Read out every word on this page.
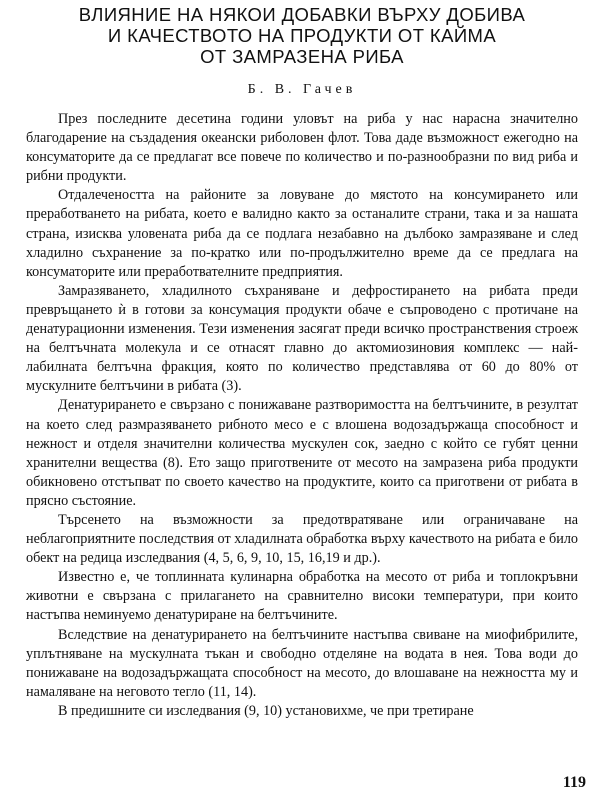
ВЛИЯНИЕ НА НЯКОИ ДОБАВКИ ВЪРХУ ДОБИВА
И КАЧЕСТВОТО НА ПРОДУКТИ ОТ КАЙМА
ОТ ЗАМРАЗЕНА РИБА
Б. В. Гачев

През последните десетина години уловът на риба у нас нарасна значително благодарение на създадения океански риболовен флот. Това даде възможност ежегодно на консуматорите да се предлагат все повече по количество и по-разнообразни по вид риба и рибни продукти.

Отдалечеността на районите за ловуване до мястото на консумирането или преработването на рибата, което е валидно както за останалите страни, така и за нашата страна, изисква уловената риба да се подлага незабавно на дълбоко замразяване и след хладилно съхранение за по-кратко или по-продължително време да се предлага на консуматорите или преработвателните предприятия.

Замразяването, хладилното съхраняване и дефростирането на рибата преди превръщането ѝ в готови за консумация продукти обаче е съпроводено с протичане на денатурационни изменения. Тези изменения засягат преди всичко пространствения строеж на белтъчната молекула и се отнасят главно до актомиозиновия комплекс — най-лабилната белтъчна фракция, която по количество представлява от 60 до 80% от мускулните белтъчини в рибата (3).

Денатурирането е свързано с понижаване разтворимостта на белтъчините, в резултат на което след размразяването рибното месо е с влошена водозадържаща способност и нежност и отделя значителни количества мускулен сок, заедно с който се губят ценни хранителни вещества (8). Ето защо приготвените от месото на замразена риба продукти обикновено отстъпват по своето качество на продуктите, които са приготвени от рибата в прясно състояние.

Търсенето на възможности за предотвратяване или ограничаване на неблагоприятните последствия от хладилната обработка върху качеството на рибата е било обект на редица изследвания (4, 5, 6, 9, 10, 15, 16,19 и др.).

Известно е, че топлинната кулинарна обработка на месото от риба и топлокръвни животни е свързана с прилагането на сравнително високи температури, при които настъпва неминуемо денатуриране на белтъчините.

Вследствие на денатурирането на белтъчините настъпва свиване на миофибрилите, уплътняване на мускулната тъкан и свободно отделяне на водата в нея. Това води до понижаване на водозадържащата способност на месото, до влошаване на нежността му и намаляване на неговото тегло (11, 14).

В предишните си изследвания (9, 10) установихме, че при третиране

119
